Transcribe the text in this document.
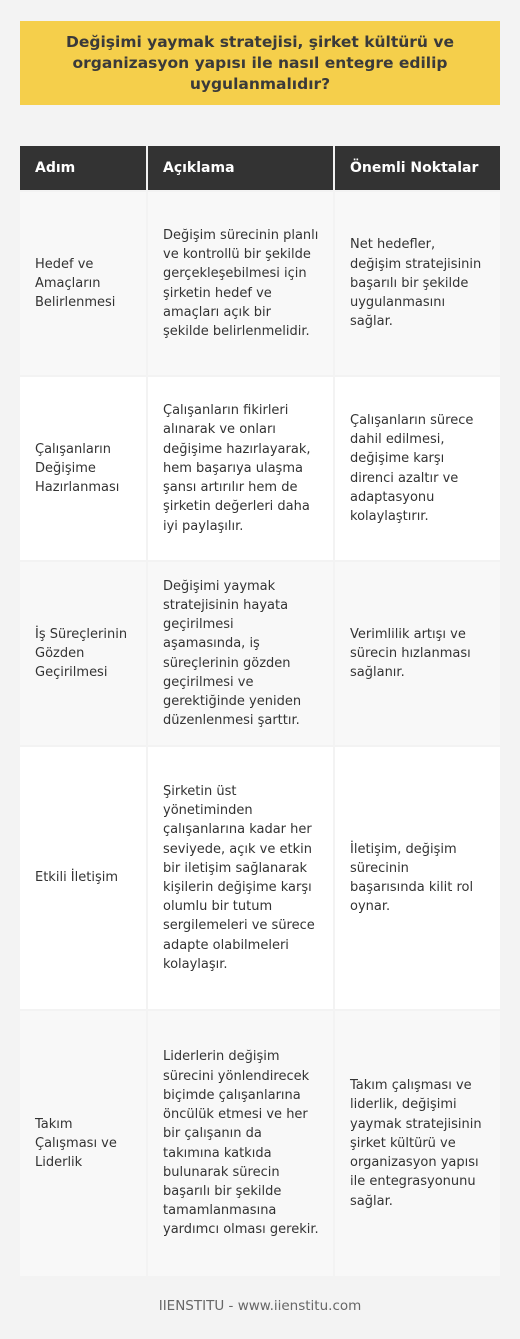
Değişimi yaymak stratejisi, şirket kültürü ve organizasyon yapısı ile nasıl entegre edilip uygulanmalıdır?
Adım	Açıklama	Önemli Noktalar
Hedef ve Amaçların Belirlenmesi	Değişim sürecinin planlı ve kontrollü bir şekilde gerçekleşebilmesi için şirketin hedef ve amaçları açık bir şekilde belirlenmelidir.	Net hedefler, değişim stratejisinin başarılı bir şekilde uygulanmasını sağlar.
Çalışanların Değişime Hazırlanması	Çalışanların fikirleri alınarak ve onları değişime hazırlayarak, hem başarıya ulaşma şansı artırılır hem de şirketin değerleri daha iyi paylaşılır.	Çalışanların sürece dahil edilmesi, değişime karşı direnci azaltır ve adaptasyonu kolaylaştırır.
İş Süreçlerinin Gözden Geçirilmesi	Değişimi yaymak stratejisinin hayata geçirilmesi aşamasında, iş süreçlerinin gözden geçirilmesi ve gerektiğinde yeniden düzenlenmesi şarttır.	Verimlilik artışı ve sürecin hızlanması sağlanır.
Etkili İletişim	Şirketin üst yönetiminden çalışanlarına kadar her seviyede, açık ve etkin bir iletişim sağlanarak kişilerin değişime karşı olumlu bir tutum sergilemeleri ve sürece adapte olabilmeleri kolaylaşır.	İletişim, değişim sürecinin başarısında kilit rol oynar.
Takım Çalışması ve Liderlik	Liderlerin değişim sürecini yönlendirecek biçimde çalışanlarına öncülük etmesi ve her bir çalışanın da takımına katkıda bulunarak sürecin başarılı bir şekilde tamamlanmasına yardımcı olması gerekir.	Takım çalışması ve liderlik, değişimi yaymak stratejisinin şirket kültürü ve organizasyon yapısı ile entegrasyonunu sağlar.
IIENSTITU - www.iienstitu.com
